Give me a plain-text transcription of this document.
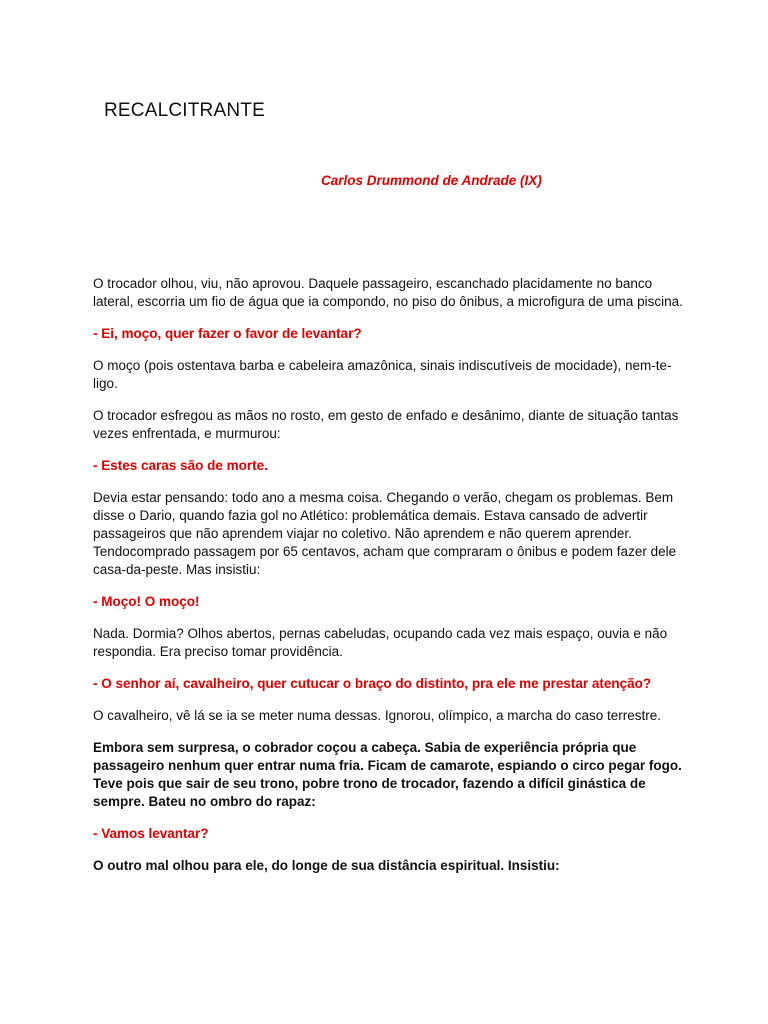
RECALCITRANTE

Carlos Drummond de Andrade (IX)

O trocador olhou, viu, não aprovou. Daquele passageiro, escanchado placidamente no banco lateral, escorria um fio de água que ia compondo, no piso do ônibus, a microfigura de uma piscina.

- Ei, moço, quer fazer o favor de levantar?

O moço (pois ostentava barba e cabeleira amazônica, sinais indiscutíveis de mocidade), nem-te-ligo.

O trocador esfregou as mãos no rosto, em gesto de enfado e desânimo, diante de situação tantas vezes enfrentada, e murmurou:

- Estes caras são de morte.

Devia estar pensando: todo ano a mesma coisa. Chegando o verão, chegam os problemas. Bem disse o Dario, quando fazia gol no Atlético: problemática demais. Estava cansado de advertir passageiros que não aprendem viajar no coletivo. Não aprendem e não querem aprender. Tendocomprado passagem por 65 centavos, acham que compraram o ônibus e podem fazer dele casa-da-peste. Mas insistiu:

- Moço! O moço!

Nada. Dormia? Olhos abertos, pernas cabeludas, ocupando cada vez mais espaço, ouvia e não respondia. Era preciso tomar providência.

- O senhor aí, cavalheiro, quer cutucar o braço do distinto, pra ele me prestar atenção?

O cavalheiro, vê lá se ia se meter numa dessas. Ignorou, olímpico, a marcha do caso terrestre.

Embora sem surpresa, o cobrador coçou a cabeça. Sabia de experiência própria que passageiro nenhum quer entrar numa fria. Ficam de camarote, espiando o circo pegar fogo. Teve pois que sair de seu trono, pobre trono de trocador, fazendo a difícil ginástica de sempre. Bateu no ombro do rapaz:

- Vamos levantar?

O outro mal olhou para ele, do longe de sua distância espiritual. Insistiu:
